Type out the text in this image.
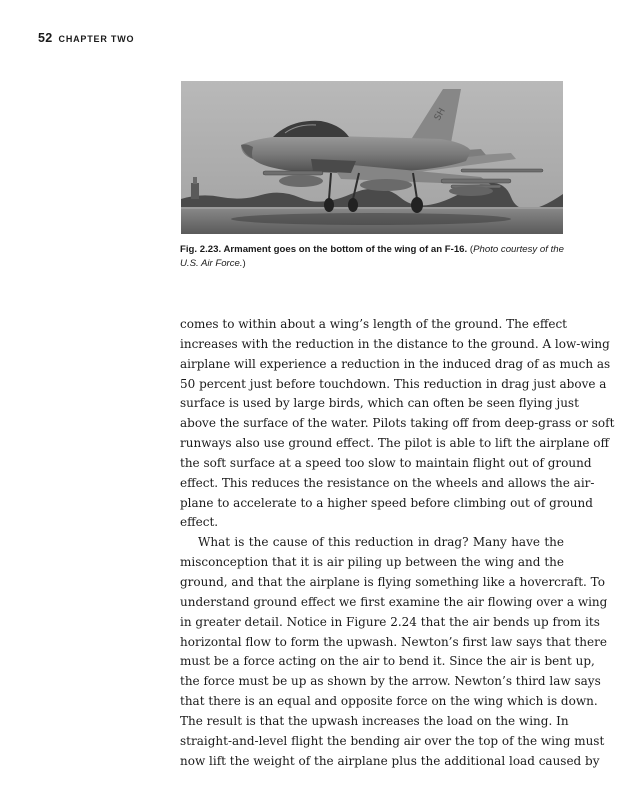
52 CHAPTER TWO
SH
Fig. 2.23. Armament goes on the bottom of the wing of an F-16. (Photo courtesy of the U.S. Air Force.)
comes to within about a wing’s length of the ground. The effect
increases with the reduction in the distance to the ground. A low-wing
airplane will experience a reduction in the induced drag of as much as
50 percent just before touchdown. This reduction in drag just above a
surface is used by large birds, which can often be seen flying just
above the surface of the water. Pilots taking off from deep-grass or soft
runways also use ground effect. The pilot is able to lift the airplane off
the soft surface at a speed too slow to maintain flight out of ground
effect. This reduces the resistance on the wheels and allows the air-
plane to accelerate to a higher speed before climbing out of ground
effect.
What is the cause of this reduction in drag? Many have the
misconception that it is air piling up between the wing and the
ground, and that the airplane is flying something like a hovercraft. To
understand ground effect we first examine the air flowing over a wing
in greater detail. Notice in Figure 2.24 that the air bends up from its
horizontal flow to form the upwash. Newton’s first law says that there
must be a force acting on the air to bend it. Since the air is bent up,
the force must be up as shown by the arrow. Newton’s third law says
that there is an equal and opposite force on the wing which is down.
The result is that the upwash increases the load on the wing. In
straight-and-level flight the bending air over the top of the wing must
now lift the weight of the airplane plus the additional load caused by
